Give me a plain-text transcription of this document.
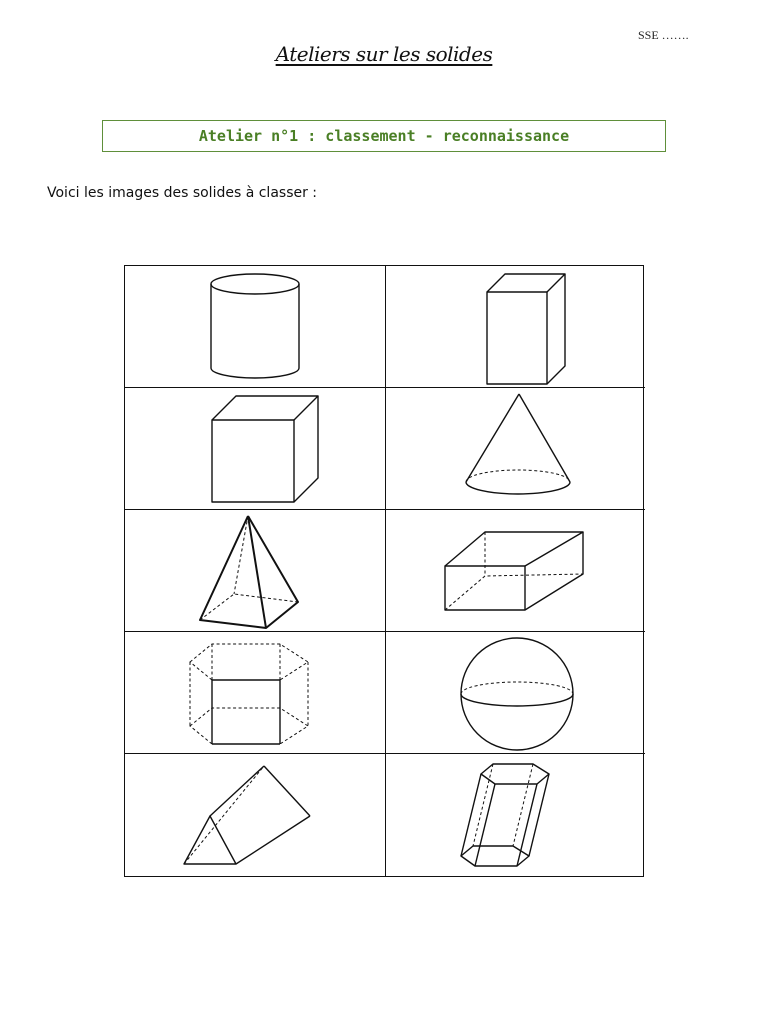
SSE …….
Ateliers sur les solides
Atelier n°1 : classement - reconnaissance
Voici les images des solides à classer :
